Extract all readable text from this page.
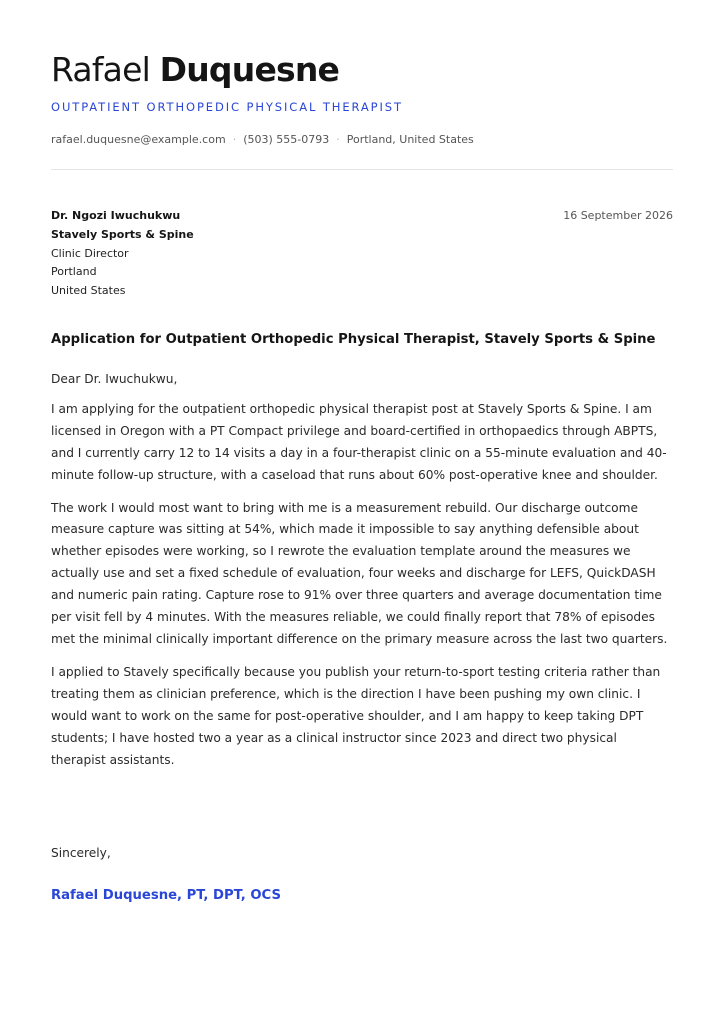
Rafael Duquesne
OUTPATIENT ORTHOPEDIC PHYSICAL THERAPIST
rafael.duquesne@example.com · (503) 555-0793 · Portland, United States
Dr. Ngozi Iwuchukwu
Stavely Sports & Spine
Clinic Director
Portland
United States
16 September 2026
Application for Outpatient Orthopedic Physical Therapist, Stavely Sports & Spine

Dear Dr. Iwuchukwu,

I am applying for the outpatient orthopedic physical therapist post at Stavely Sports & Spine. I am licensed in Oregon with a PT Compact privilege and board-certified in orthopaedics through ABPTS, and I currently carry 12 to 14 visits a day in a four-therapist clinic on a 55-minute evaluation and 40-minute follow-up structure, with a caseload that runs about 60% post-operative knee and shoulder.

The work I would most want to bring with me is a measurement rebuild. Our discharge outcome measure capture was sitting at 54%, which made it impossible to say anything defensible about whether episodes were working, so I rewrote the evaluation template around the measures we actually use and set a fixed schedule of evaluation, four weeks and discharge for LEFS, QuickDASH and numeric pain rating. Capture rose to 91% over three quarters and average documentation time per visit fell by 4 minutes. With the measures reliable, we could finally report that 78% of episodes met the minimal clinically important difference on the primary measure across the last two quarters.

I applied to Stavely specifically because you publish your return-to-sport testing criteria rather than treating them as clinician preference, which is the direction I have been pushing my own clinic. I would want to work on the same for post-operative shoulder, and I am happy to keep taking DPT students; I have hosted two a year as a clinical instructor since 2023 and direct two physical therapist assistants.

Sincerely,
Rafael Duquesne, PT, DPT, OCS
